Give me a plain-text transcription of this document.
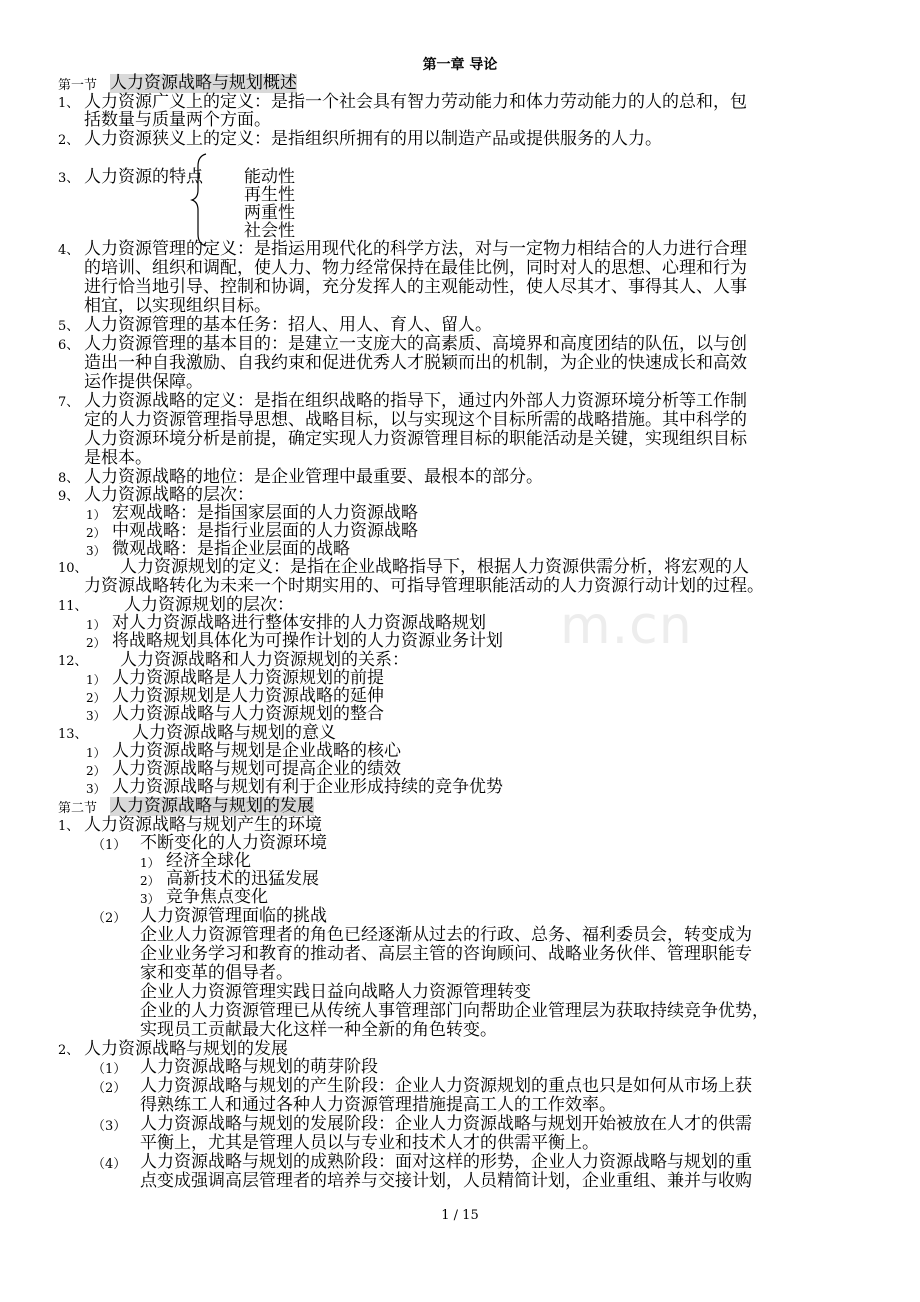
m.cn
第一章 导论
第一节 人力资源战略与规划概述
1、 人力资源广义上的定义：是指一个社会具有智力劳动能力和体力劳动能力的人的总和，包
括数量与质量两个方面。
2、 人力资源狭义上的定义：是指组织所拥有的用以制造产品或提供服务的人力。
3、 人力资源的特点 能动性
再生性
两重性
社会性
4、 人力资源管理的定义：是指运用现代化的科学方法，对与一定物力相结合的人力进行合理
的培训、组织和调配，使人力、物力经常保持在最佳比例，同时对人的思想、心理和行为
进行恰当地引导、控制和协调，充分发挥人的主观能动性，使人尽其才、事得其人、人事
相宜，以实现组织目标。
5、 人力资源管理的基本任务：招人、用人、育人、留人。
6、 人力资源管理的基本目的：是建立一支庞大的高素质、高境界和高度团结的队伍，以与创
造出一种自我激励、自我约束和促进优秀人才脱颖而出的机制，为企业的快速成长和高效
运作提供保障。
7、 人力资源战略的定义：是指在组织战略的指导下，通过内外部人力资源环境分析等工作制
定的人力资源管理指导思想、战略目标，以与实现这个目标所需的战略措施。其中科学的
人力资源环境分析是前提，确定实现人力资源管理目标的职能活动是关键，实现组织目标
是根本。
8、 人力资源战略的地位：是企业管理中最重要、最根本的部分。
9、 人力资源战略的层次：
1） 宏观战略：是指国家层面的人力资源战略
2） 中观战略：是指行业层面的人力资源战略
3） 微观战略：是指企业层面的战略
10、 人力资源规划的定义：是指在企业战略指导下，根据人力资源供需分析，将宏观的人
力资源战略转化为未来一个时期实用的、可指导管理职能活动的人力资源行动计划的过程。
11、 人力资源规划的层次：
1） 对人力资源战略进行整体安排的人力资源战略规划
2） 将战略规划具体化为可操作计划的人力资源业务计划
12、 人力资源战略和人力资源规划的关系：
1） 人力资源战略是人力资源规划的前提
2） 人力资源规划是人力资源战略的延伸
3） 人力资源战略与人力资源规划的整合
13、	人力资源战略与规划的意义
1） 人力资源战略与规划是企业战略的核心
2） 人力资源战略与规划可提高企业的绩效
3） 人力资源战略与规划有利于企业形成持续的竞争优势
第二节 人力资源战略与规划的发展
1、 人力资源战略与规划产生的环境
（1） 不断变化的人力资源环境
1） 经济全球化
2） 高新技术的迅猛发展
3） 竞争焦点变化
（2） 人力资源管理面临的挑战
企业人力资源管理者的角色已经逐渐从过去的行政、总务、福利委员会，转变成为
企业业务学习和教育的推动者、高层主管的咨询顾问、战略业务伙伴、管理职能专
家和变革的倡导者。
企业人力资源管理实践日益向战略人力资源管理转变
企业的人力资源管理已从传统人事管理部门向帮助企业管理层为获取持续竞争优势，
实现员工贡献最大化这样一种全新的角色转变。
2、 人力资源战略与规划的发展
（1） 人力资源战略与规划的萌芽阶段
（2） 人力资源战略与规划的产生阶段：企业人力资源规划的重点也只是如何从市场上获
得熟练工人和通过各种人力资源管理措施提高工人的工作效率。
（3） 人力资源战略与规划的发展阶段：企业人力资源战略与规划开始被放在人才的供需
平衡上，尤其是管理人员以与专业和技术人才的供需平衡上。
（4） 人力资源战略与规划的成熟阶段：面对这样的形势，企业人力资源战略与规划的重
点变成强调高层管理者的培养与交接计划，人员精简计划，企业重组、兼并与收购
1 / 15
